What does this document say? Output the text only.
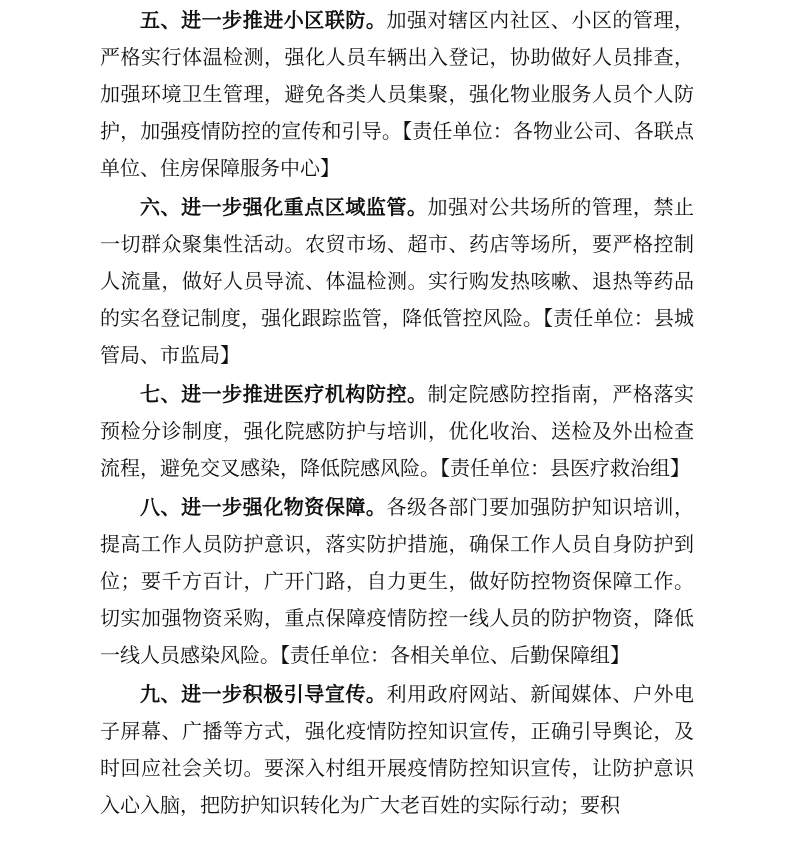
五、进一步推进小区联防。加强对辖区内社区、小区的管理，严格实行体温检测，强化人员车辆出入登记，协助做好人员排查，加强环境卫生管理，避免各类人员集聚，强化物业服务人员个人防护，加强疫情防控的宣传和引导。【责任单位：各物业公司、各联点单位、住房保障服务中心】

六、进一步强化重点区域监管。加强对公共场所的管理，禁止一切群众聚集性活动。农贸市场、超市、药店等场所，要严格控制人流量，做好人员导流、体温检测。实行购发热咳嗽、退热等药品的实名登记制度，强化跟踪监管，降低管控风险。【责任单位：县城管局、市监局】

七、进一步推进医疗机构防控。制定院感防控指南，严格落实预检分诊制度，强化院感防护与培训，优化收治、送检及外出检查流程，避免交叉感染，降低院感风险。【责任单位：县医疗救治组】

八、进一步强化物资保障。各级各部门要加强防护知识培训，提高工作人员防护意识，落实防护措施，确保工作人员自身防护到位；要千方百计，广开门路，自力更生，做好防控物资保障工作。切实加强物资采购，重点保障疫情防控一线人员的防护物资，降低一线人员感染风险。【责任单位：各相关单位、后勤保障组】

九、进一步积极引导宣传。利用政府网站、新闻媒体、户外电子屏幕、广播等方式，强化疫情防控知识宣传，正确引导舆论，及时回应社会关切。要深入村组开展疫情防控知识宣传，让防护意识入心入脑，把防护知识转化为广大老百姓的实际行动；要积
